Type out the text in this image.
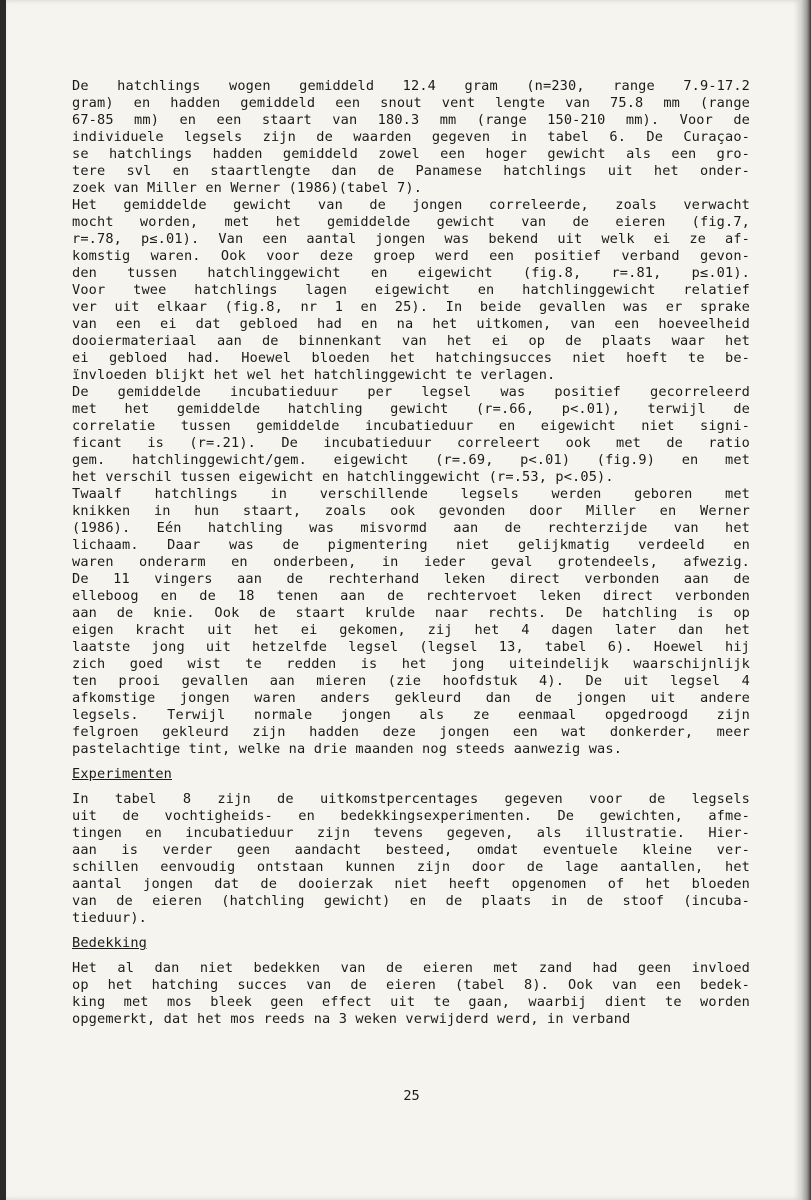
De hatchlings wogen gemiddeld 12.4 gram (n=230, range 7.9-17.2
gram) en hadden gemiddeld een snout vent lengte van 75.8 mm (range
67-85 mm) en een staart van 180.3 mm (range 150-210 mm). Voor de
individuele legsels zijn de waarden gegeven in tabel 6. De Curaçao-
se hatchlings hadden gemiddeld zowel een hoger gewicht als een gro-
tere svl en staartlengte dan de Panamese hatchlings uit het onder-
zoek van Miller en Werner (1986)(tabel 7).
Het gemiddelde gewicht van de jongen correleerde, zoals verwacht
mocht worden, met het gemiddelde gewicht van de eieren (fig.7,
r=.78, p≤.01). Van een aantal jongen was bekend uit welk ei ze af-
komstig waren. Ook voor deze groep werd een positief verband gevon-
den tussen hatchlinggewicht en eigewicht (fig.8, r=.81, p≤.01).
Voor twee hatchlings lagen eigewicht en hatchlinggewicht relatief
ver uit elkaar (fig.8, nr 1 en 25). In beide gevallen was er sprake
van een ei dat gebloed had en na het uitkomen, van een hoeveelheid
dooiermateriaal aan de binnenkant van het ei op de plaats waar het
ei gebloed had. Hoewel bloeden het hatchingsucces niet hoeft te be-
ïnvloeden blijkt het wel het hatchlinggewicht te verlagen.
De gemiddelde incubatieduur per legsel was positief gecorreleerd
met het gemiddelde hatchling gewicht (r=.66, p<.01), terwijl de
correlatie tussen gemiddelde incubatieduur en eigewicht niet signi-
ficant is (r=.21). De incubatieduur correleert ook met de ratio
gem. hatchlinggewicht/gem. eigewicht (r=.69, p<.01) (fig.9) en met
het verschil tussen eigewicht en hatchlinggewicht (r=.53, p<.05).
Twaalf hatchlings in verschillende legsels werden geboren met
knikken in hun staart, zoals ook gevonden door Miller en Werner
(1986). Eén hatchling was misvormd aan de rechterzijde van het
lichaam. Daar was de pigmentering niet gelijkmatig verdeeld en
waren onderarm en onderbeen, in ieder geval grotendeels, afwezig.
De 11 vingers aan de rechterhand leken direct verbonden aan de
elleboog en de 18 tenen aan de rechtervoet leken direct verbonden
aan de knie. Ook de staart krulde naar rechts. De hatchling is op
eigen kracht uit het ei gekomen, zij het 4 dagen later dan het
laatste jong uit hetzelfde legsel (legsel 13, tabel 6). Hoewel hij
zich goed wist te redden is het jong uiteindelijk waarschijnlijk
ten prooi gevallen aan mieren (zie hoofdstuk 4). De uit legsel 4
afkomstige jongen waren anders gekleurd dan de jongen uit andere
legsels. Terwijl normale jongen als ze eenmaal opgedroogd zijn
felgroen gekleurd zijn hadden deze jongen een wat donkerder, meer
pastelachtige tint, welke na drie maanden nog steeds aanwezig was.
Experimenten
In tabel 8 zijn de uitkomstpercentages gegeven voor de legsels
uit de vochtigheids- en bedekkingsexperimenten. De gewichten, afme-
tingen en incubatieduur zijn tevens gegeven, als illustratie. Hier-
aan is verder geen aandacht besteed, omdat eventuele kleine ver-
schillen eenvoudig ontstaan kunnen zijn door de lage aantallen, het
aantal jongen dat de dooierzak niet heeft opgenomen of het bloeden
van de eieren (hatchling gewicht) en de plaats in de stoof (incuba-
tieduur).
Bedekking
Het al dan niet bedekken van de eieren met zand had geen invloed
op het hatching succes van de eieren (tabel 8). Ook van een bedek-
king met mos bleek geen effect uit te gaan, waarbij dient te worden
opgemerkt, dat het mos reeds na 3 weken verwijderd werd, in verband
25
